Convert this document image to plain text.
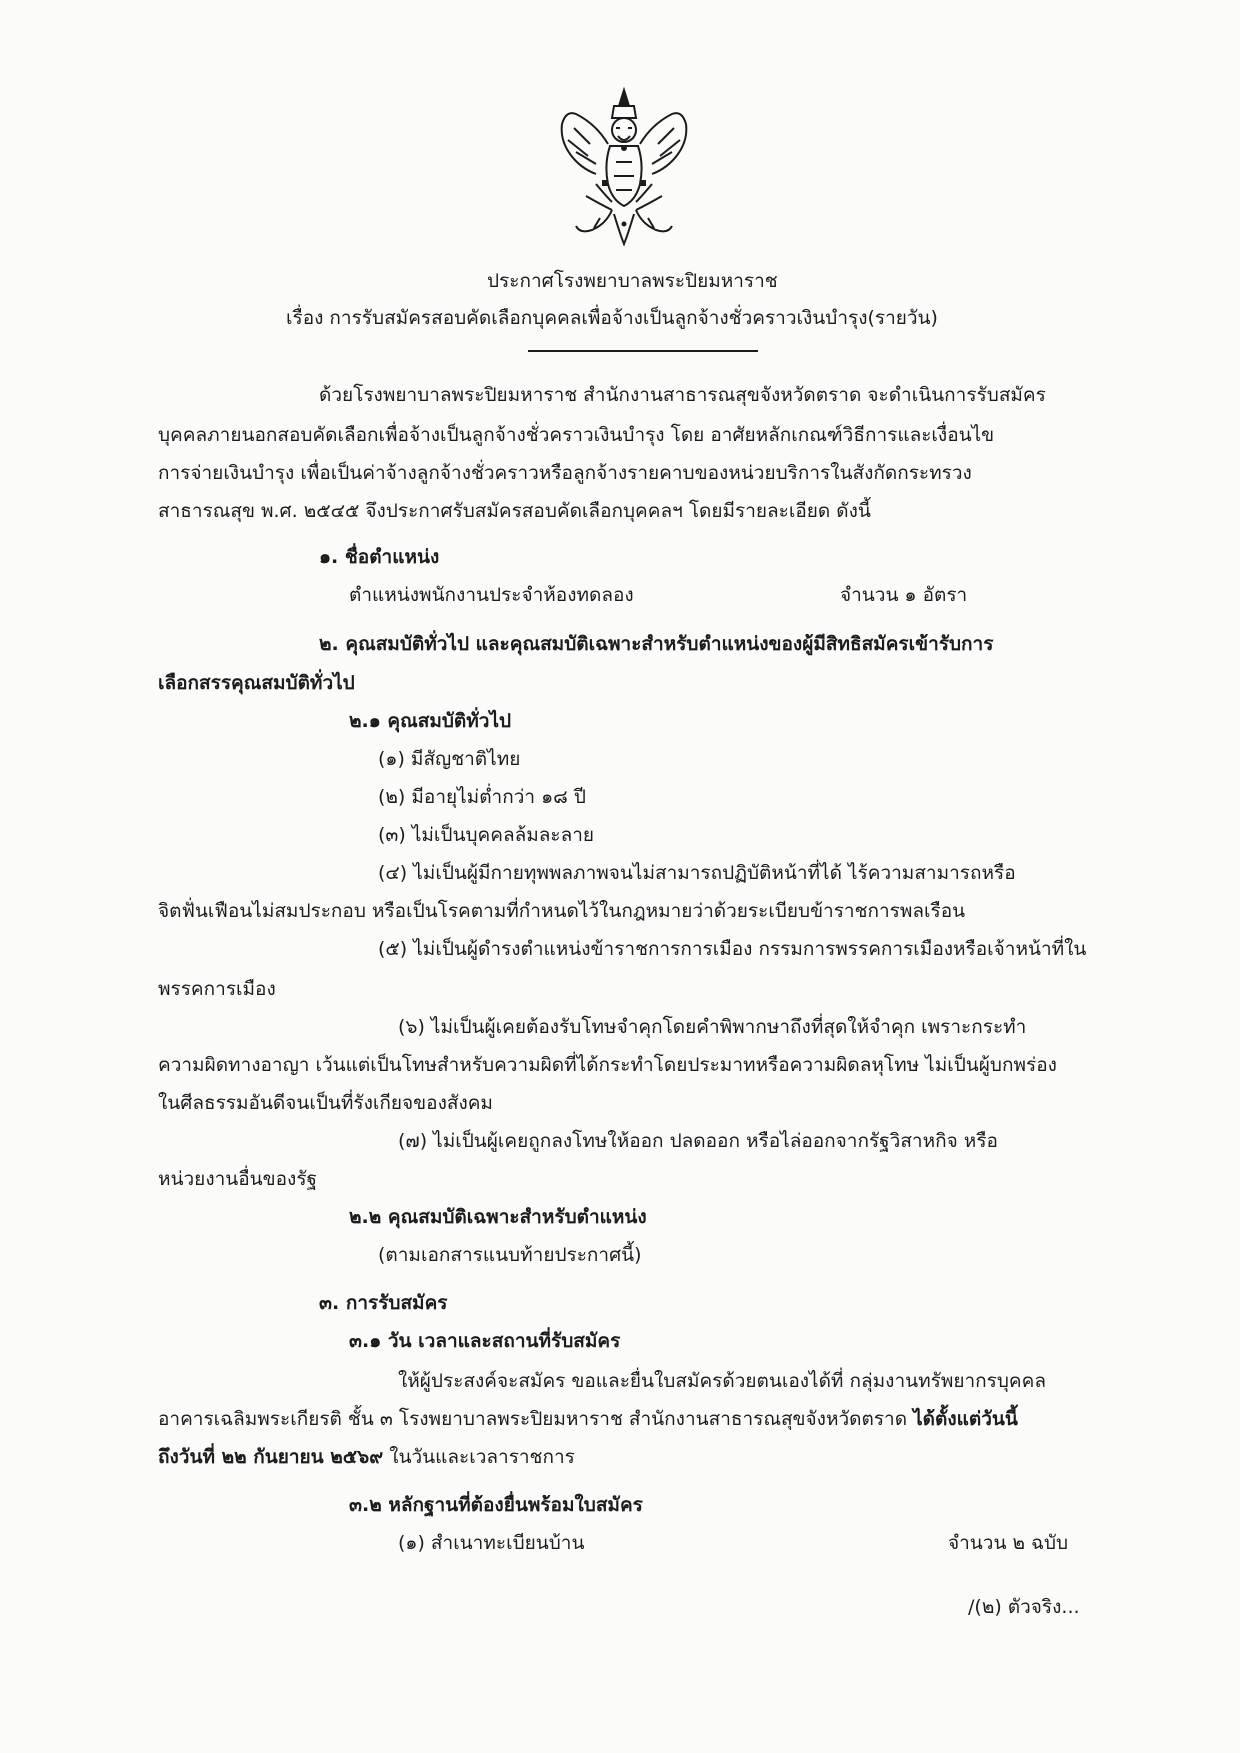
ประกาศโรงพยาบาลพระปิยมหาราช
เรื่อง การรับสมัครสอบคัดเลือกบุคคลเพื่อจ้างเป็นลูกจ้างชั่วคราวเงินบำรุง(รายวัน)
ด้วยโรงพยาบาลพระปิยมหาราช สำนักงานสาธารณสุขจังหวัดตราด จะดำเนินการรับสมัคร
บุคคลภายนอกสอบคัดเลือกเพื่อจ้างเป็นลูกจ้างชั่วคราวเงินบำรุง โดย อาศัยหลักเกณฑ์วิธีการและเงื่อนไข
การจ่ายเงินบำรุง เพื่อเป็นค่าจ้างลูกจ้างชั่วคราวหรือลูกจ้างรายคาบของหน่วยบริการในสังกัดกระทรวง
สาธารณสุข พ.ศ. ๒๕๔๕ จึงประกาศรับสมัครสอบคัดเลือกบุคคลฯ โดยมีรายละเอียด ดังนี้
๑. ชื่อตำแหน่ง
ตำแหน่งพนักงานประจำห้องทดลอง	จำนวน ๑ อัตรา
๒. คุณสมบัติทั่วไป และคุณสมบัติเฉพาะสำหรับตำแหน่งของผู้มีสิทธิสมัครเข้ารับการ
เลือกสรรคุณสมบัติทั่วไป
๒.๑ คุณสมบัติทั่วไป
(๑) มีสัญชาติไทย
(๒) มีอายุไม่ต่ำกว่า ๑๘ ปี
(๓) ไม่เป็นบุคคลล้มละลาย
(๔) ไม่เป็นผู้มีกายทุพพลภาพจนไม่สามารถปฏิบัติหน้าที่ได้ ไร้ความสามารถหรือ
จิตฟั่นเฟือนไม่สมประกอบ หรือเป็นโรคตามที่กำหนดไว้ในกฎหมายว่าด้วยระเบียบข้าราชการพลเรือน
(๕) ไม่เป็นผู้ดำรงตำแหน่งข้าราชการการเมือง กรรมการพรรคการเมืองหรือเจ้าหน้าที่ใน
พรรคการเมือง
(๖) ไม่เป็นผู้เคยต้องรับโทษจำคุกโดยคำพิพากษาถึงที่สุดให้จำคุก เพราะกระทำ
ความผิดทางอาญา เว้นแต่เป็นโทษสำหรับความผิดที่ได้กระทำโดยประมาทหรือความผิดลหุโทษ ไม่เป็นผู้บกพร่อง
ในศีลธรรมอันดีจนเป็นที่รังเกียจของสังคม
(๗) ไม่เป็นผู้เคยถูกลงโทษให้ออก ปลดออก หรือไล่ออกจากรัฐวิสาหกิจ หรือ
หน่วยงานอื่นของรัฐ
๒.๒ คุณสมบัติเฉพาะสำหรับตำแหน่ง
(ตามเอกสารแนบท้ายประกาศนี้)
๓. การรับสมัคร
๓.๑ วัน เวลาและสถานที่รับสมัคร
ให้ผู้ประสงค์จะสมัคร ขอและยื่นใบสมัครด้วยตนเองได้ที่ กลุ่มงานทรัพยากรบุคคล
อาคารเฉลิมพระเกียรติ ชั้น ๓ โรงพยาบาลพระปิยมหาราช สำนักงานสาธารณสุขจังหวัดตราด ได้ตั้งแต่วันนี้
ถึงวันที่ ๒๒ กันยายน ๒๕๖๙ ในวันและเวลาราชการ
๓.๒ หลักฐานที่ต้องยื่นพร้อมใบสมัคร
(๑) สำเนาทะเบียนบ้าน	จำนวน ๒ ฉบับ
/(๒) ตัวจริง...
